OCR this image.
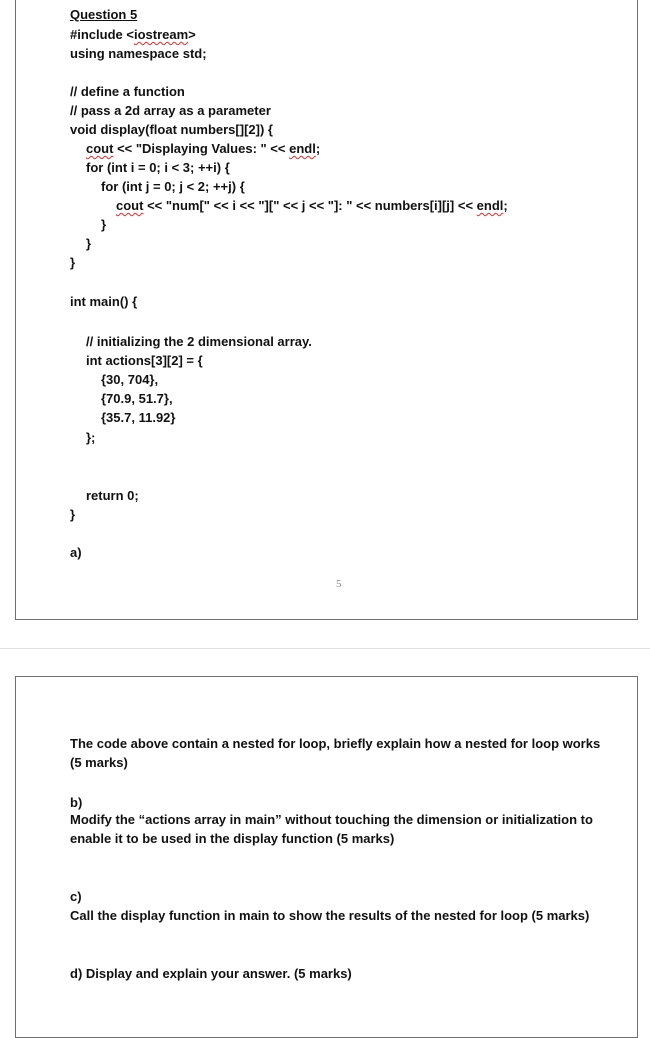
Question 5
#include <iostream>
using namespace std;
// define a function
// pass a 2d array as a parameter
void display(float numbers[][2]) {
cout << "Displaying Values: " << endl;
for (int i = 0; i < 3; ++i) {
for (int j = 0; j < 2; ++j) {
cout << "num[" << i << "][" << j << "]: " << numbers[i][j] << endl;
}
}
}
int main() {
// initializing the 2 dimensional array.
int actions[3][2] = {
{30, 704},
{70.9, 51.7},
{35.7, 11.92}
};
return 0;
}
a)
5
The code above contain a nested for loop, briefly explain how a nested for loop works (5 marks)
b)
Modify the “actions array in main” without touching the dimension or initialization to enable it to be used in the display function (5 marks)
c)
Call the display function in main to show the results of the nested for loop (5 marks)
d) Display and explain your answer. (5 marks)
